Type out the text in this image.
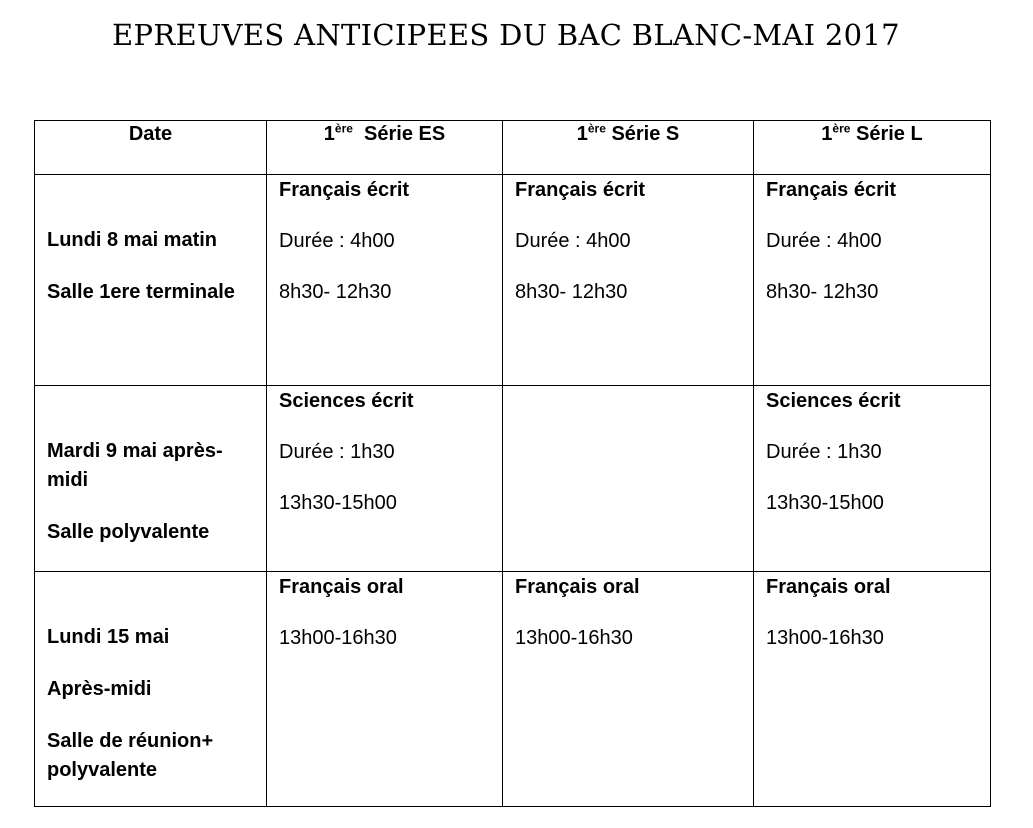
EPREUVES ANTICIPEES DU BAC BLANC-MAI 2017
Date	1ère Série ES	1ère Série S	1ère Série L

Lundi 8 mai matin
Salle 1ere terminale	Français écrit
Durée : 4h00
8h30- 12h30	Français écrit
Durée : 4h00
8h30- 12h30	Français écrit
Durée : 4h00
8h30- 12h30

Mardi 9 mai après-
midi
Salle polyvalente	Sciences écrit
Durée : 1h30
13h30-15h00		Sciences écrit
Durée : 1h30
13h30-15h00

Lundi 15 mai
Après-midi
Salle de réunion+
polyvalente	Français oral
13h00-16h30	Français oral
13h00-16h30	Français oral
13h00-16h30
